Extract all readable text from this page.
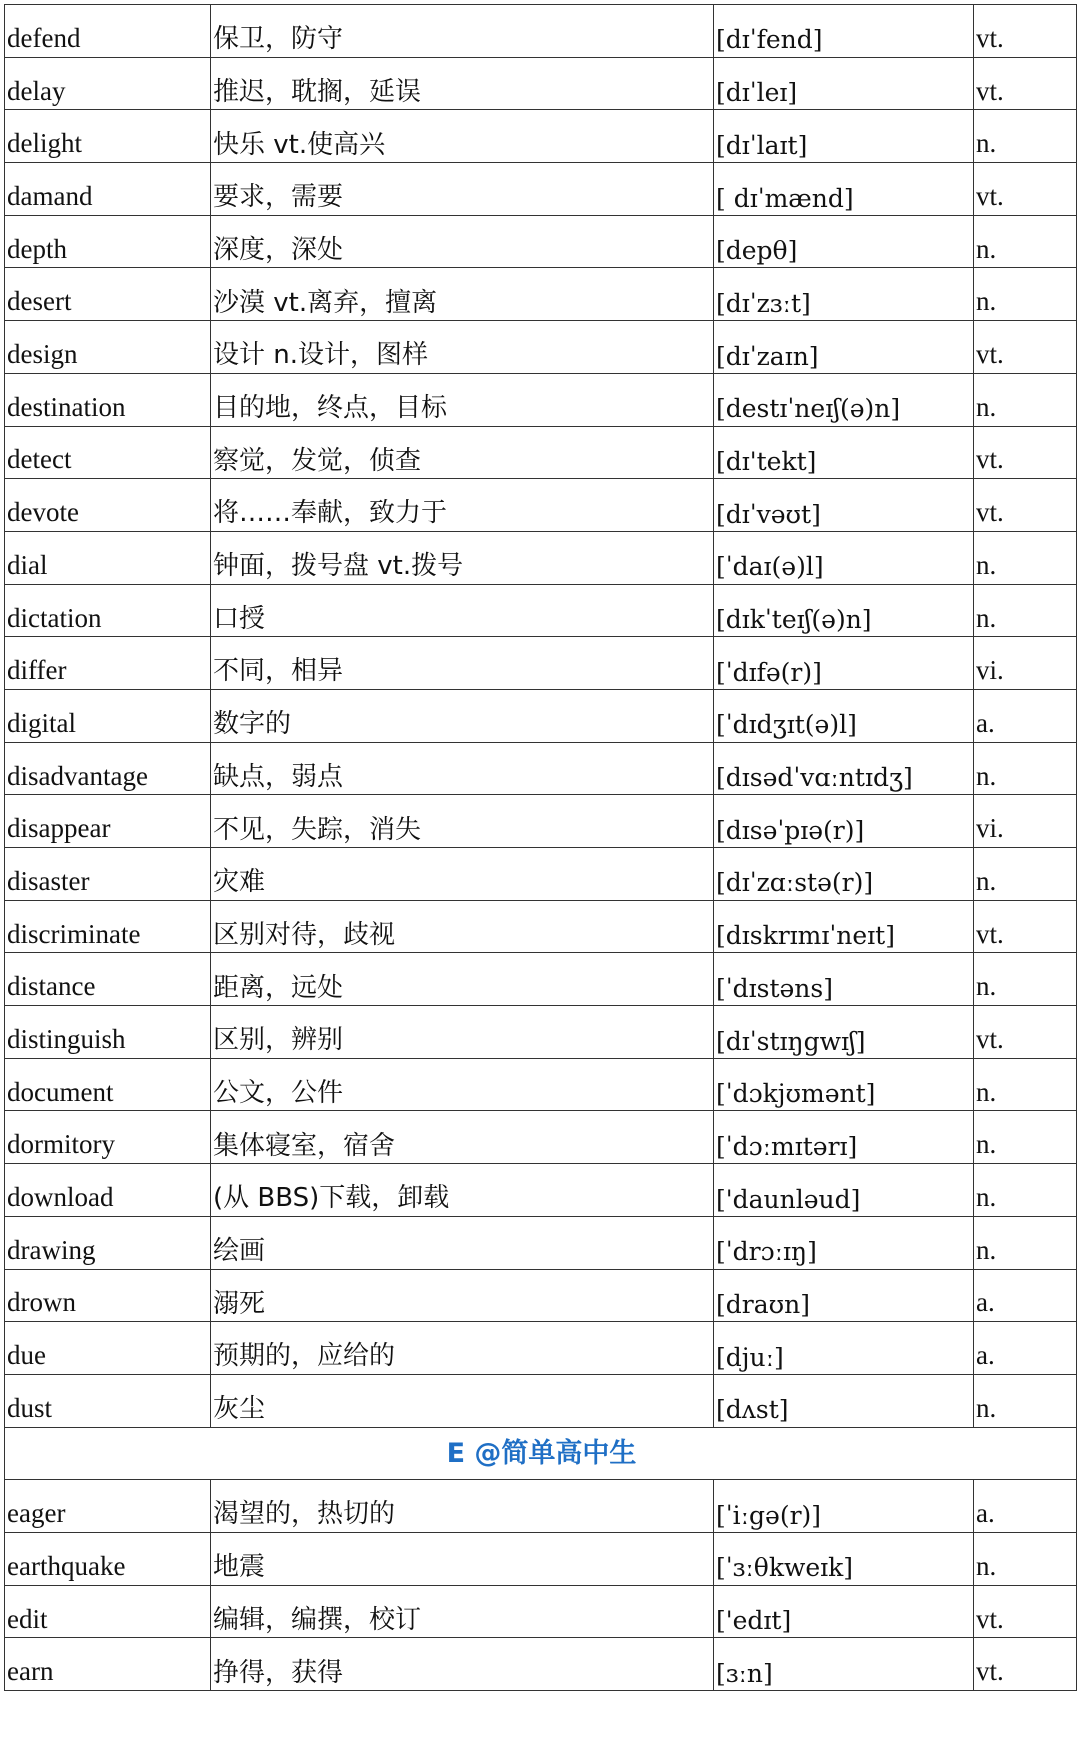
defend	保卫，防守	[dɪˈfend]	vt.
delay	推迟，耽搁，延误	[dɪˈleɪ]	vt.
delight	快乐 vt.使高兴	[dɪˈlaɪt]	n.
damand	要求，需要	[ dɪˈmænd]	vt.
depth	深度，深处	[depθ]	n.
desert	沙漠 vt.离弃，擅离	[dɪˈzɜːt]	n.
design	设计 n.设计，图样	[dɪˈzaɪn]	vt.
destination	目的地，终点，目标	[destɪˈneɪʃ(ə)n]	n.
detect	察觉，发觉，侦查	[dɪ'tekt]	vt.
devote	将……奉献，致力于	[dɪˈvəʊt]	vt.
dial	钟面，拨号盘 vt.拨号	[ˈdaɪ(ə)l]	n.
dictation	口授	[dɪkˈteɪʃ(ə)n]	n.
differ	不同，相异	[ˈdɪfə(r)]	vi.
digital	数字的	[ˈdɪdʒɪt(ə)l]	a.
disadvantage	缺点，弱点	[dɪsədˈvɑːntɪdʒ]	n.
disappear	不见，失踪，消失	[dɪsəˈpɪə(r)]	vi.
disaster	灾难	[dɪˈzɑːstə(r)]	n.
discriminate	区别对待，歧视	[dɪskrɪmɪˈneɪt]	vt.
distance	距离，远处	[ˈdɪstəns]	n.
distinguish	区别，辨别	[dɪˈstɪŋgwɪʃ]	vt.
document	公文，公件	[ˈdɔkjʊmənt]	n.
dormitory	集体寝室，宿舍	[ˈdɔːmɪtərɪ]	n.
download	(从 BBS)下载，卸载	['daunləud]	n.
drawing	绘画	[ˈdrɔːɪŋ]	n.
drown	溺死	[draʊn]	a.
due	预期的，应给的	[djuː]	a.
dust	灰尘	[dʌst]	n.
E @简单高中生			
eager	渴望的，热切的	[ˈiːgə(r)]	a.
earthquake	地震	[ˈɜːθkweɪk]	n.
edit	编辑，编撰，校订	['edɪt]	vt.
earn	挣得，获得	[ɜːn]	vt.
